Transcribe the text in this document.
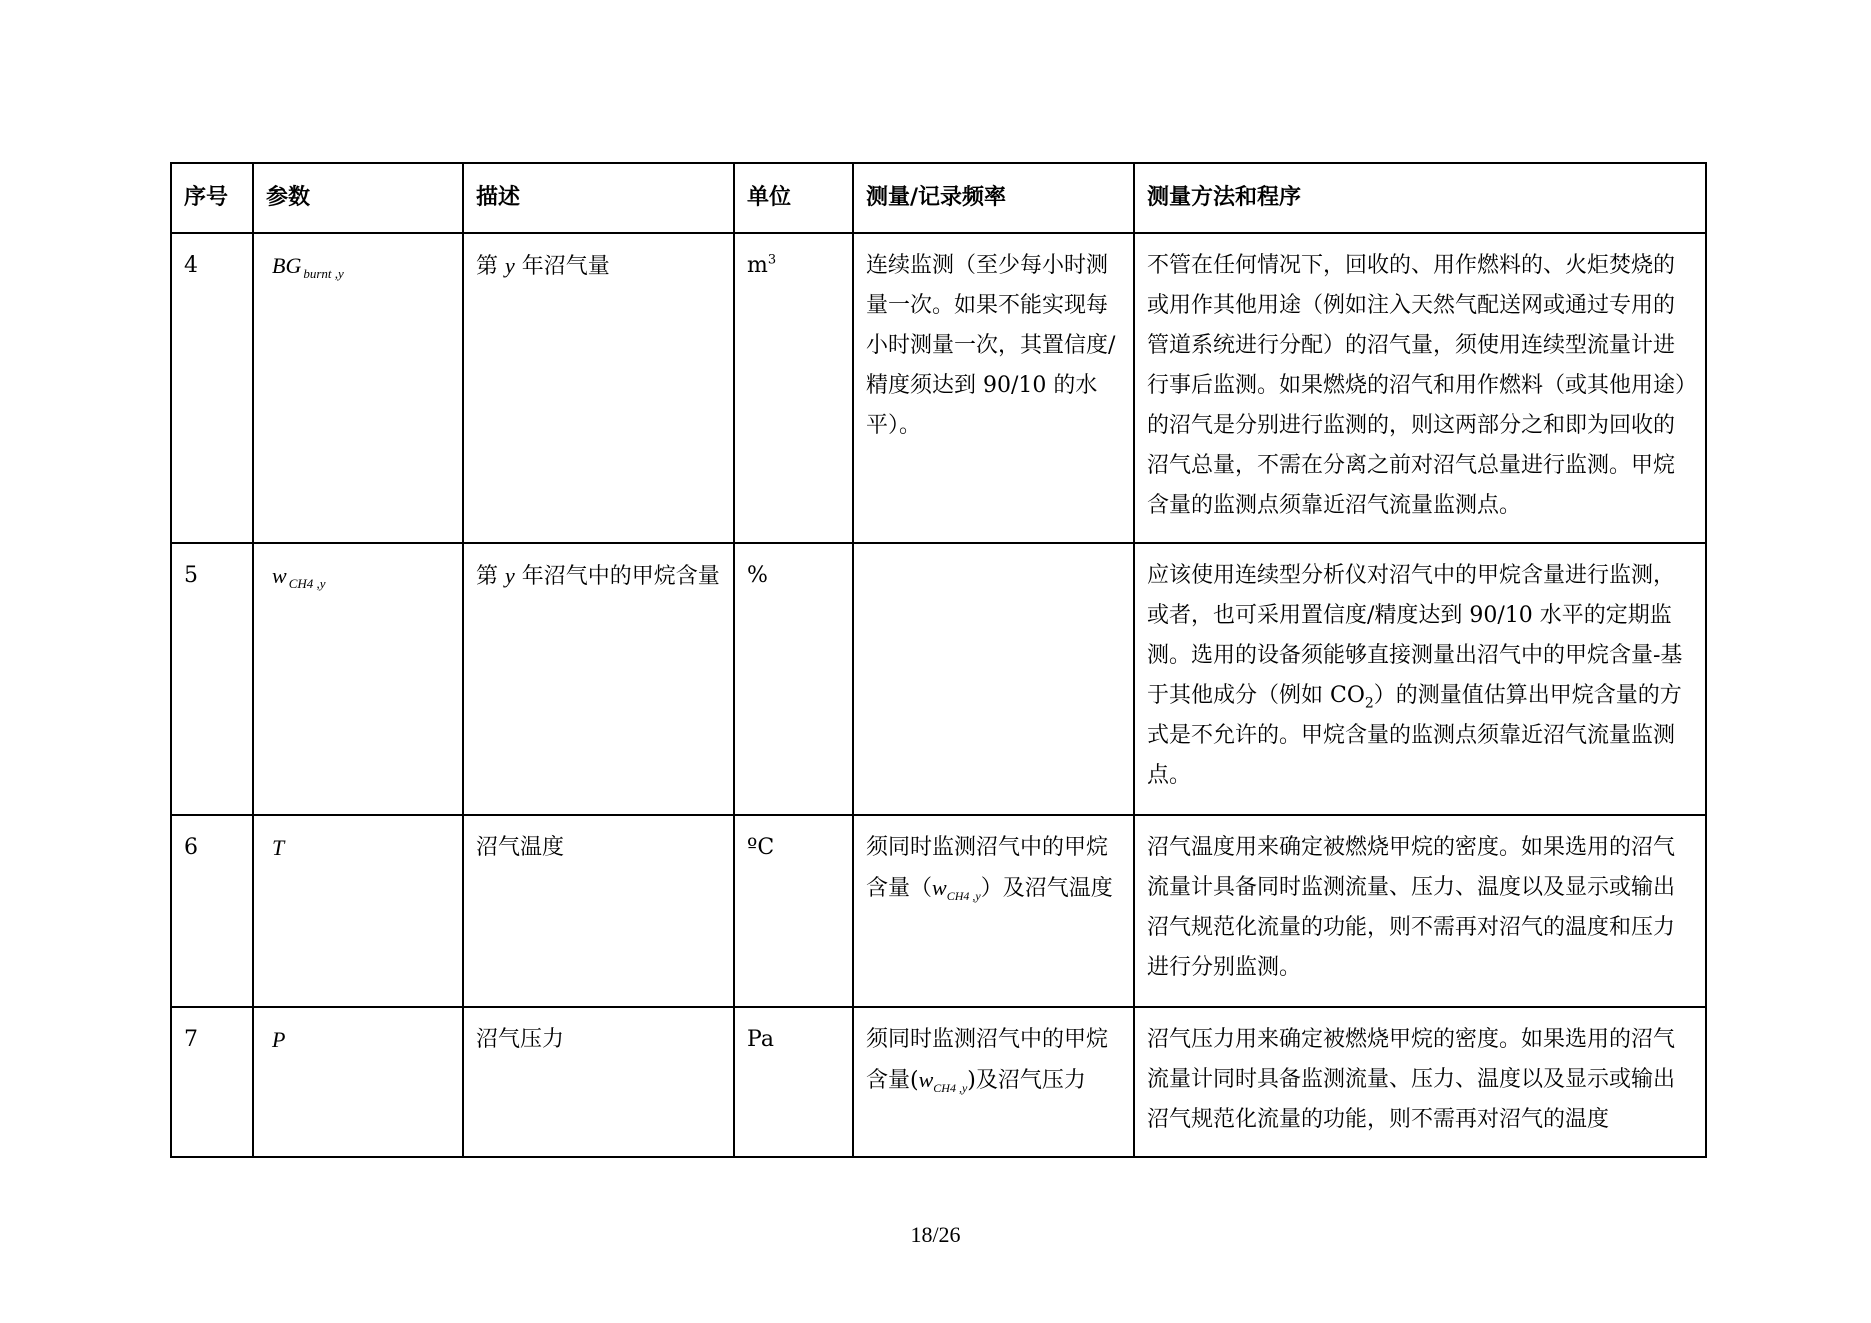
序号	参数	描述	单位	测量/记录频率	测量方法和程序
4	BG $_{burnt ,y}$	第 y 年沼气量	$m^3$	连续监测（至少每小时测量一次。如果不能实现每小时测量一次，其置信度/精度须达到 90/10 的水平）。	不管在任何情况下，回收的、用作燃料的、火炬焚烧的或用作其他用途（例如注入天然气配送网或通过专用的管道系统进行分配）的沼气量，须使用连续型流量计进行事后监测。如果燃烧的沼气和用作燃料（或其他用途）的沼气是分别进行监测的，则这两部分之和即为回收的沼气总量，不需在分离之前对沼气总量进行监测。甲烷含量的监测点须靠近沼气流量监测点。
5	w $_{CH4 ,y}$	第 y 年沼气中的甲烷含量	%		应该使用连续型分析仪对沼气中的甲烷含量进行监测，或者，也可采用置信度/精度达到 90/10 水平的定期监测。选用的设备须能够直接测量出沼气中的甲烷含量-基于其他成分（例如 $CO_2$）的测量值估算出甲烷含量的方式是不允许的。甲烷含量的监测点须靠近沼气流量监测点。
6	T	沼气温度	ºC	须同时监测沼气中的甲烷含量$(w_{CH4 ,y})$及沼气温度	沼气温度用来确定被燃烧甲烷的密度。如果选用的沼气流量计具备同时监测流量、压力、温度以及显示或输出沼气规范化流量的功能，则不需再对沼气的温度和压力进行分别监测。
7	P	沼气压力	Pa	须同时监测沼气中的甲烷含量$(w_{CH4 ,y})$及沼气压力	沼气压力用来确定被燃烧甲烷的密度。如果选用的沼气流量计同时具备监测流量、压力、温度以及显示或输出沼气规范化流量的功能，则不需再对沼气的温度
18/26
